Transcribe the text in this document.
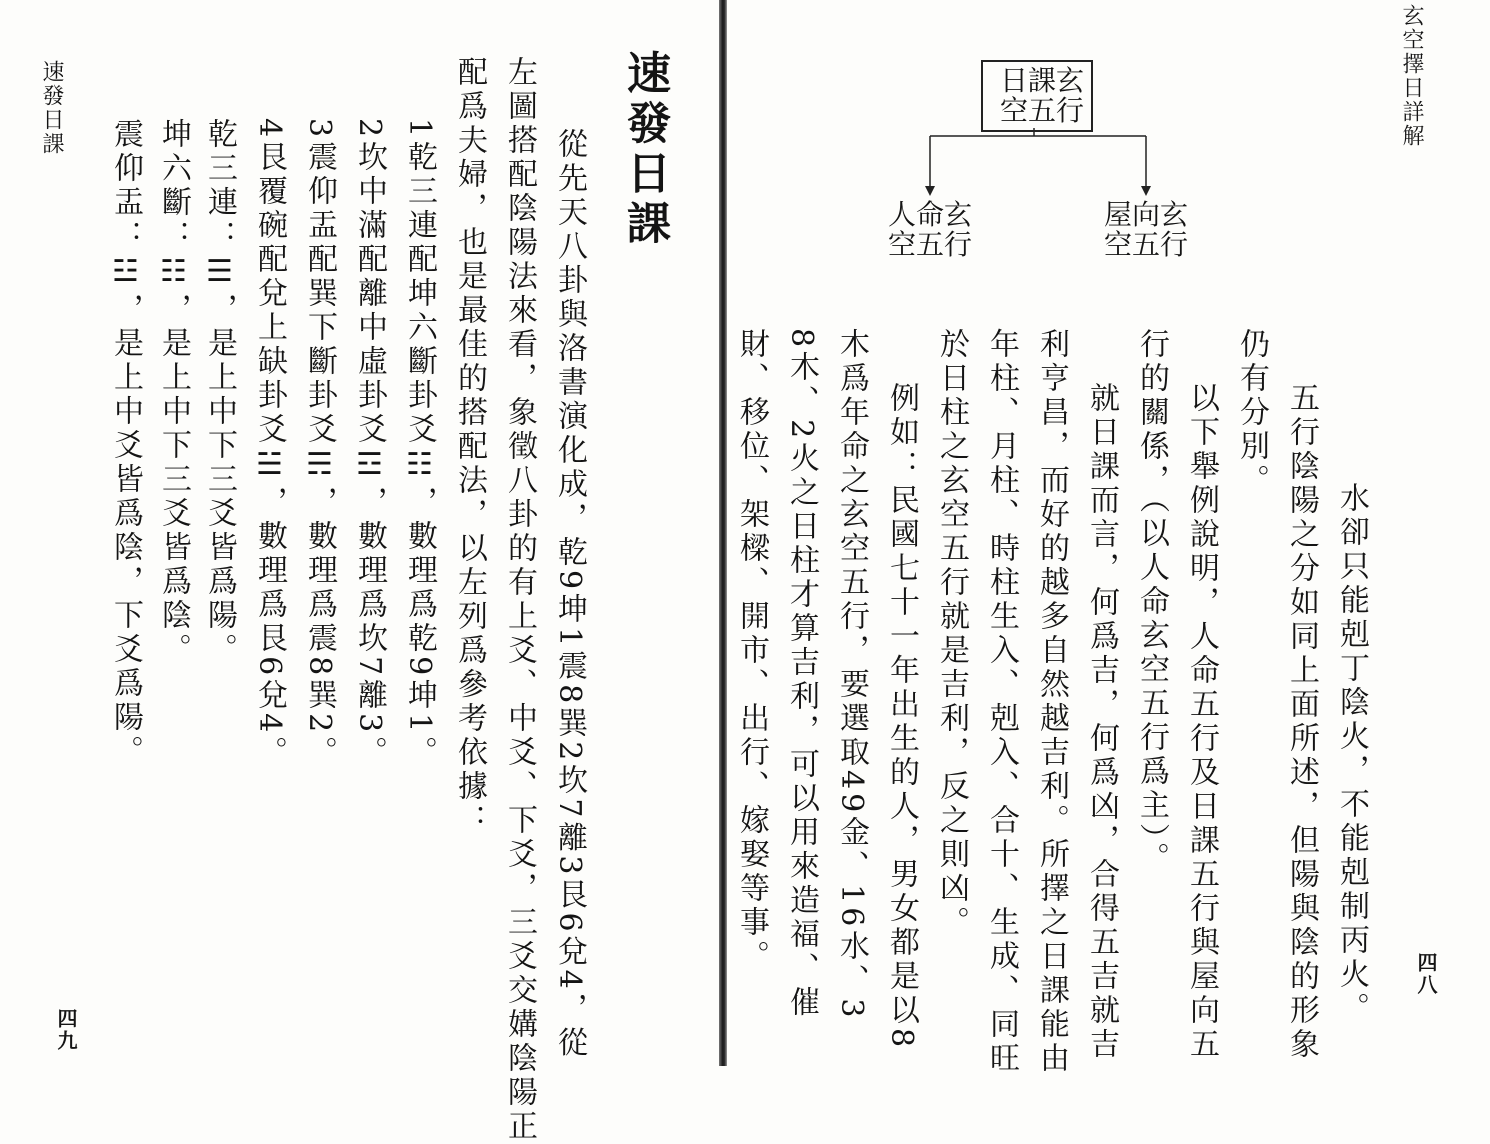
速發日課
四九
速發日課
從先天八卦與洛書演化成，乾9坤1震8巽2坎7離3艮6兌4，從
左圖搭配陰陽法來看，象徵八卦的有上爻、中爻、下爻，三爻交媾陰陽正
配爲夫婦，也是最佳的搭配法，以左列爲參考依據：
1乾三連配坤六斷卦爻☷，數理爲乾9坤1。
2坎中滿配離中虛卦爻☲，數理爲坎7離3。
3震仰盂配巽下斷卦爻☴，數理爲震8巽2。
4艮覆碗配兌上缺卦爻☱，數理爲艮6兌4。
乾三連：☰，是上中下三爻皆爲陽。
坤六斷：☷，是上中下三爻皆爲陰。
震仰盂：☳，是上中爻皆爲陰，下爻爲陽。
玄空擇日詳解
四八
日課玄
空五行
人命玄
空五行
屋向玄
空五行
水卻只能剋丁陰火，不能剋制丙火。
五行陰陽之分如同上面所述，但陽與陰的形象
仍有分別。
以下舉例說明，人命五行及日課五行與屋向五
行的關係，（以人命玄空五行爲主）。
就日課而言，何爲吉，何爲凶，合得五吉就吉
利亨昌，而好的越多自然越吉利。所擇之日課能由
年柱、月柱、時柱生入、剋入、合十、生成、同旺
於日柱之玄空五行就是吉利，反之則凶。
例如：民國七十一年出生的人，男女都是以8
木爲年命之玄空五行，要選取49金、16水、3
8木、2火之日柱才算吉利，可以用來造福、催
財、移位、架樑、開市、出行、嫁娶等事。
